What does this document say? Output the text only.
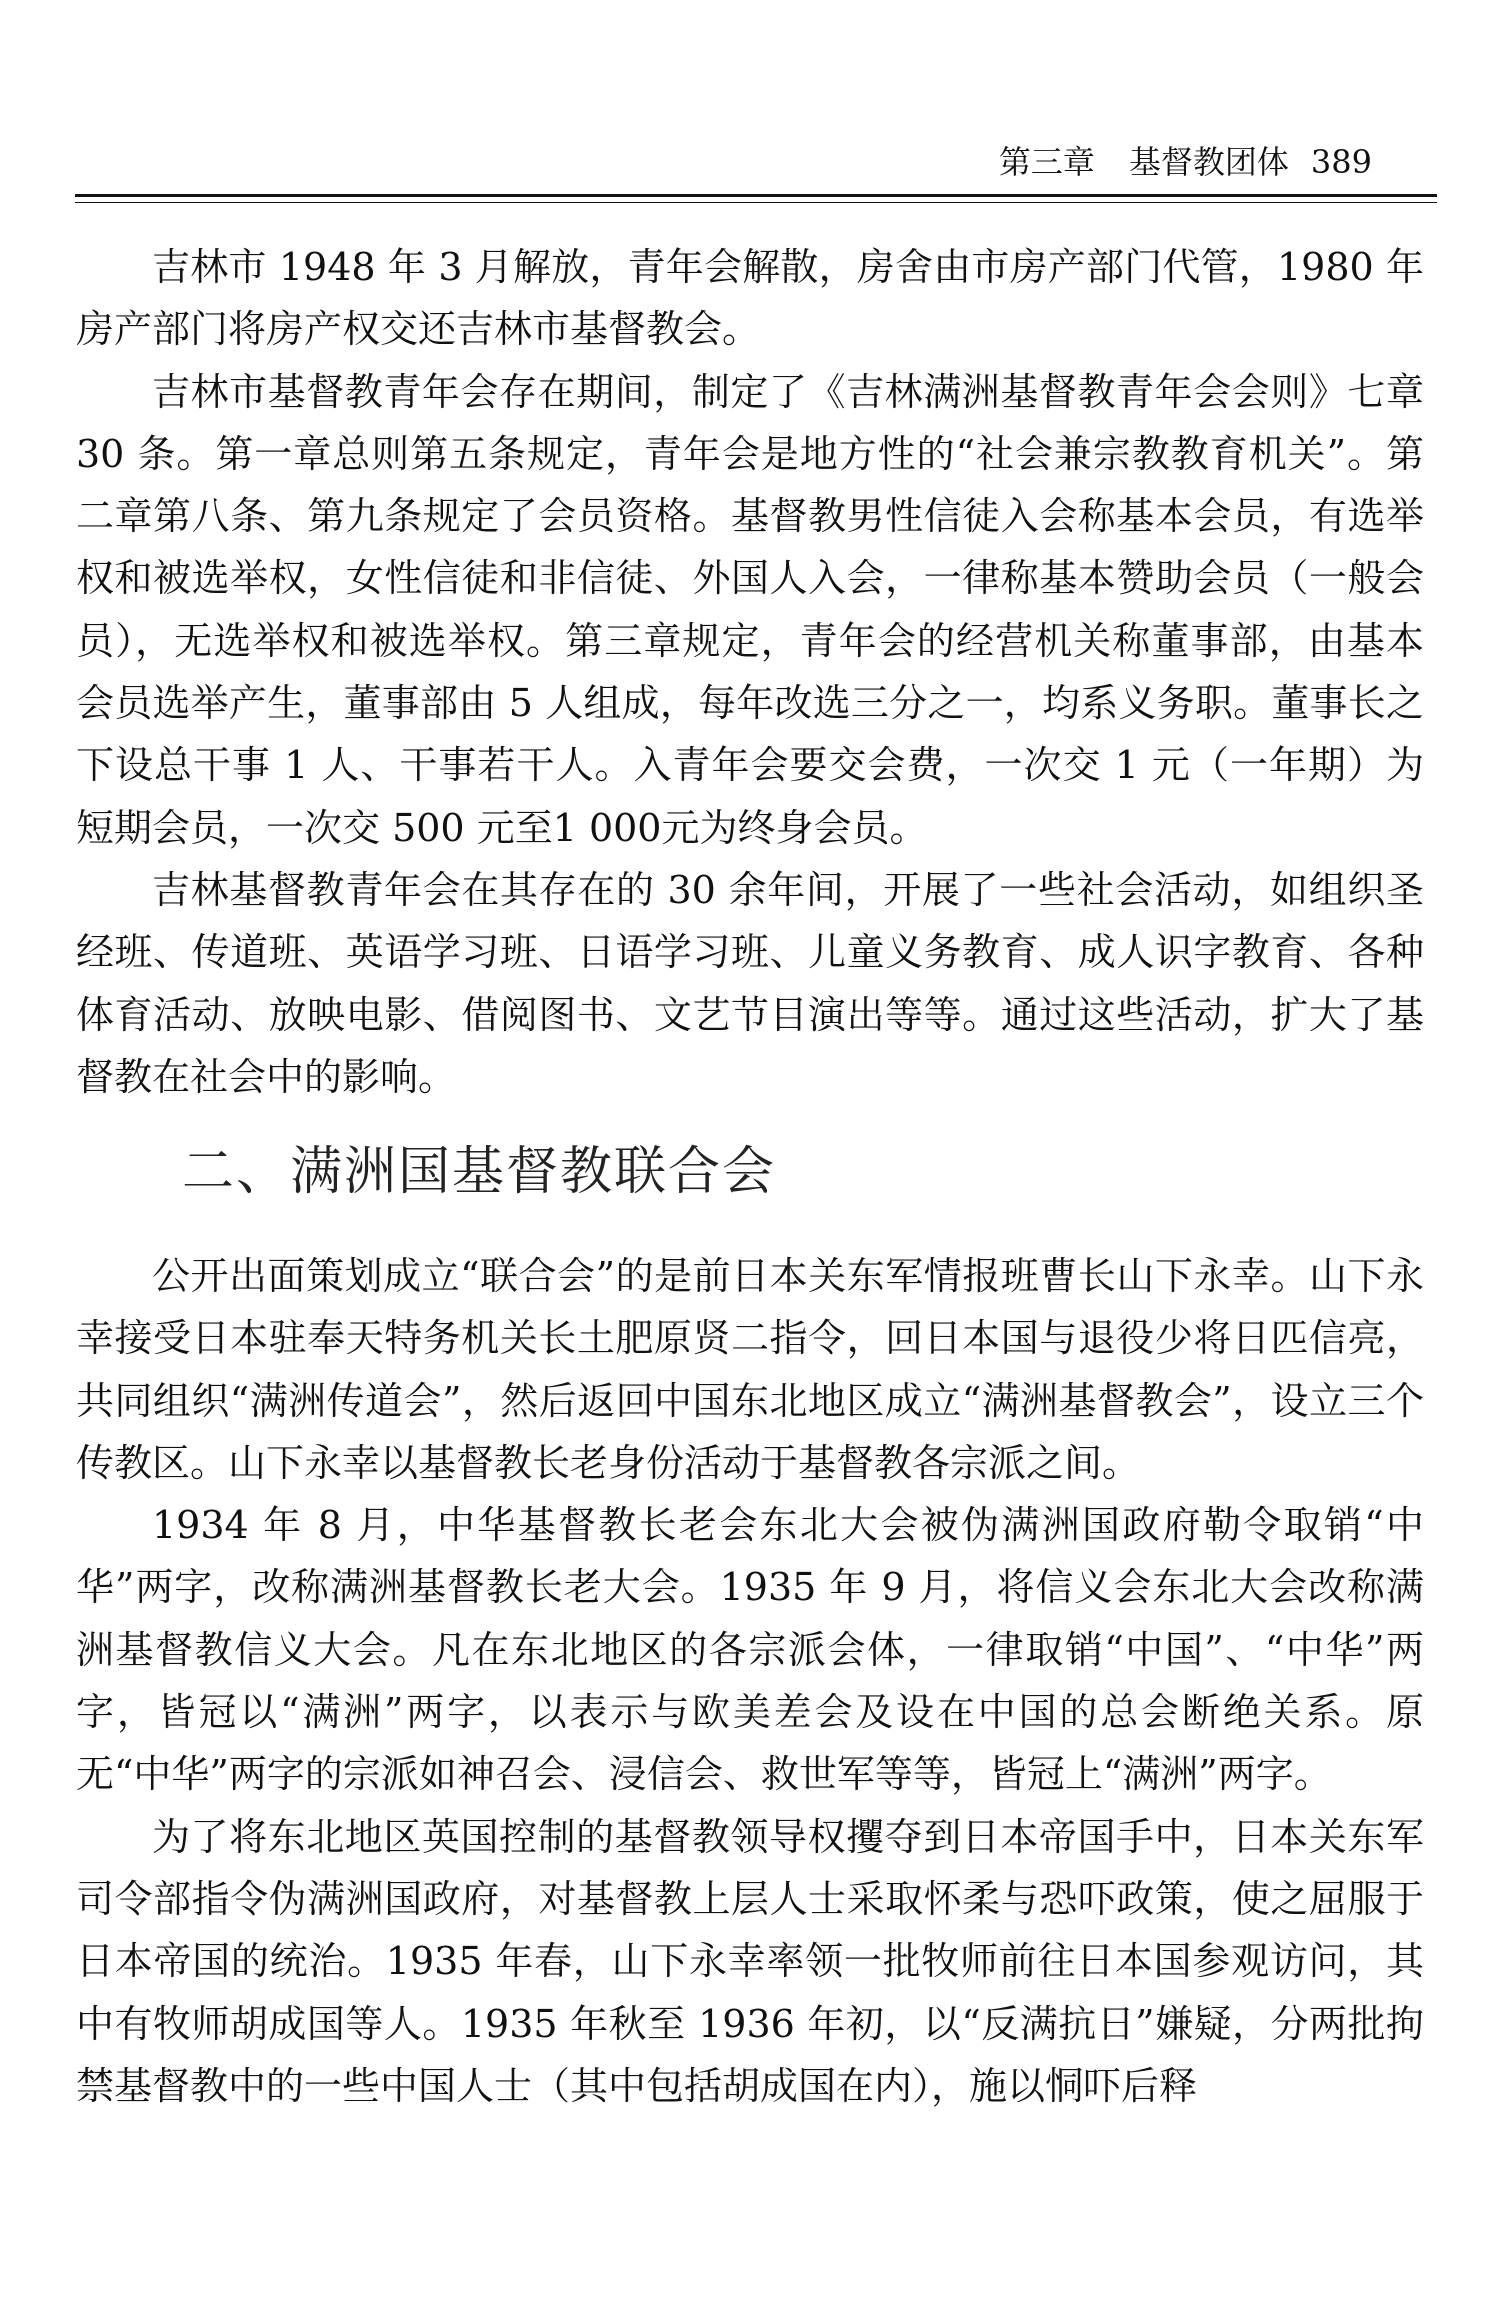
第三章 基督教团体 389

吉林市 1948 年 3 月解放，青年会解散，房舍由市房产部门代管，1980 年房产部门将房产权交还吉林市基督教会。

吉林市基督教青年会存在期间，制定了《吉林满洲基督教青年会会则》七章 30 条。第一章总则第五条规定，青年会是地方性的“社会兼宗教教育机关”。第二章第八条、第九条规定了会员资格。基督教男性信徒入会称基本会员，有选举权和被选举权，女性信徒和非信徒、外国人入会，一律称基本赞助会员（一般会员），无选举权和被选举权。第三章规定，青年会的经营机关称董事部，由基本会员选举产生，董事部由 5 人组成，每年改选三分之一，均系义务职。董事长之下设总干事 1 人、干事若干人。入青年会要交会费，一次交 1 元（一年期）为短期会员，一次交 500 元至1 000元为终身会员。

吉林基督教青年会在其存在的 30 余年间，开展了一些社会活动，如组织圣经班、传道班、英语学习班、日语学习班、儿童义务教育、成人识字教育、各种体育活动、放映电影、借阅图书、文艺节目演出等等。通过这些活动，扩大了基督教在社会中的影响。

二、满洲国基督教联合会

公开出面策划成立“联合会”的是前日本关东军情报班曹长山下永幸。山下永幸接受日本驻奉天特务机关长土肥原贤二指令，回日本国与退役少将日匹信亮，共同组织“满洲传道会”，然后返回中国东北地区成立“满洲基督教会”，设立三个传教区。山下永幸以基督教长老身份活动于基督教各宗派之间。

1934 年 8 月，中华基督教长老会东北大会被伪满洲国政府勒令取销“中华”两字，改称满洲基督教长老大会。1935 年 9 月，将信义会东北大会改称满洲基督教信义大会。凡在东北地区的各宗派会体，一律取销“中国”、“中华”两字，皆冠以“满洲”两字，以表示与欧美差会及设在中国的总会断绝关系。原无“中华”两字的宗派如神召会、浸信会、救世军等等，皆冠上“满洲”两字。

为了将东北地区英国控制的基督教领导权攫夺到日本帝国手中，日本关东军司令部指令伪满洲国政府，对基督教上层人士采取怀柔与恐吓政策，使之屈服于日本帝国的统治。1935 年春，山下永幸率领一批牧师前往日本国参观访问，其中有牧师胡成国等人。1935 年秋至 1936 年初，以“反满抗日”嫌疑，分两批拘禁基督教中的一些中国人士（其中包括胡成国在内），施以恫吓后释
